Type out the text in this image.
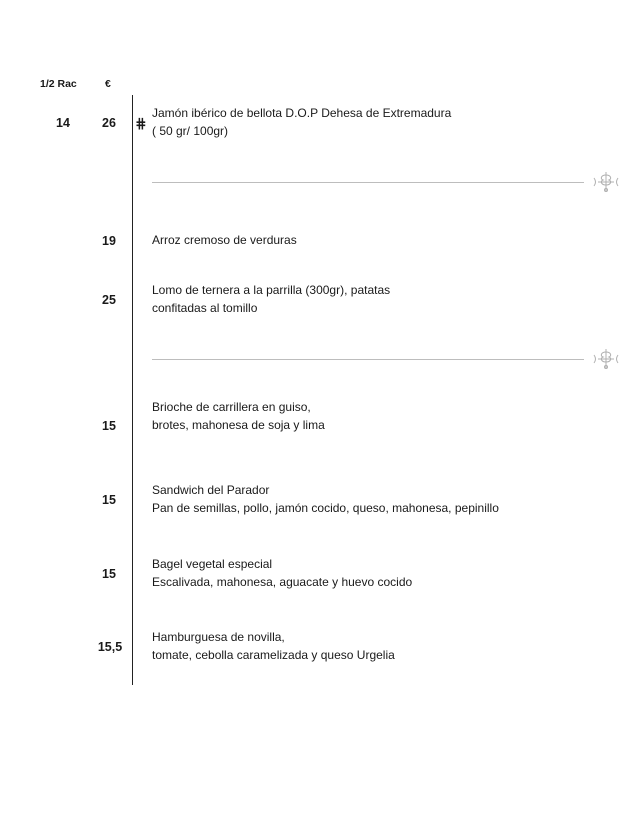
1/2 Rac	€
⋕
14	26
Jamón ibérico de bellota D.O.P Dehesa de Extremadura
( 50 gr/ 100gr)
19	Arroz cremoso de verduras
25
Lomo de ternera a la parrilla (300gr), patatas
confitadas al tomillo
15
Brioche de carrillera en guiso,
brotes, mahonesa de soja y lima
15
Sandwich del Parador
Pan de semillas, pollo, jamón cocido, queso, mahonesa, pepinillo
15
Bagel vegetal especial
Escalivada, mahonesa, aguacate y huevo cocido
15,5
Hamburguesa de novilla,
tomate, cebolla caramelizada y queso Urgelia
